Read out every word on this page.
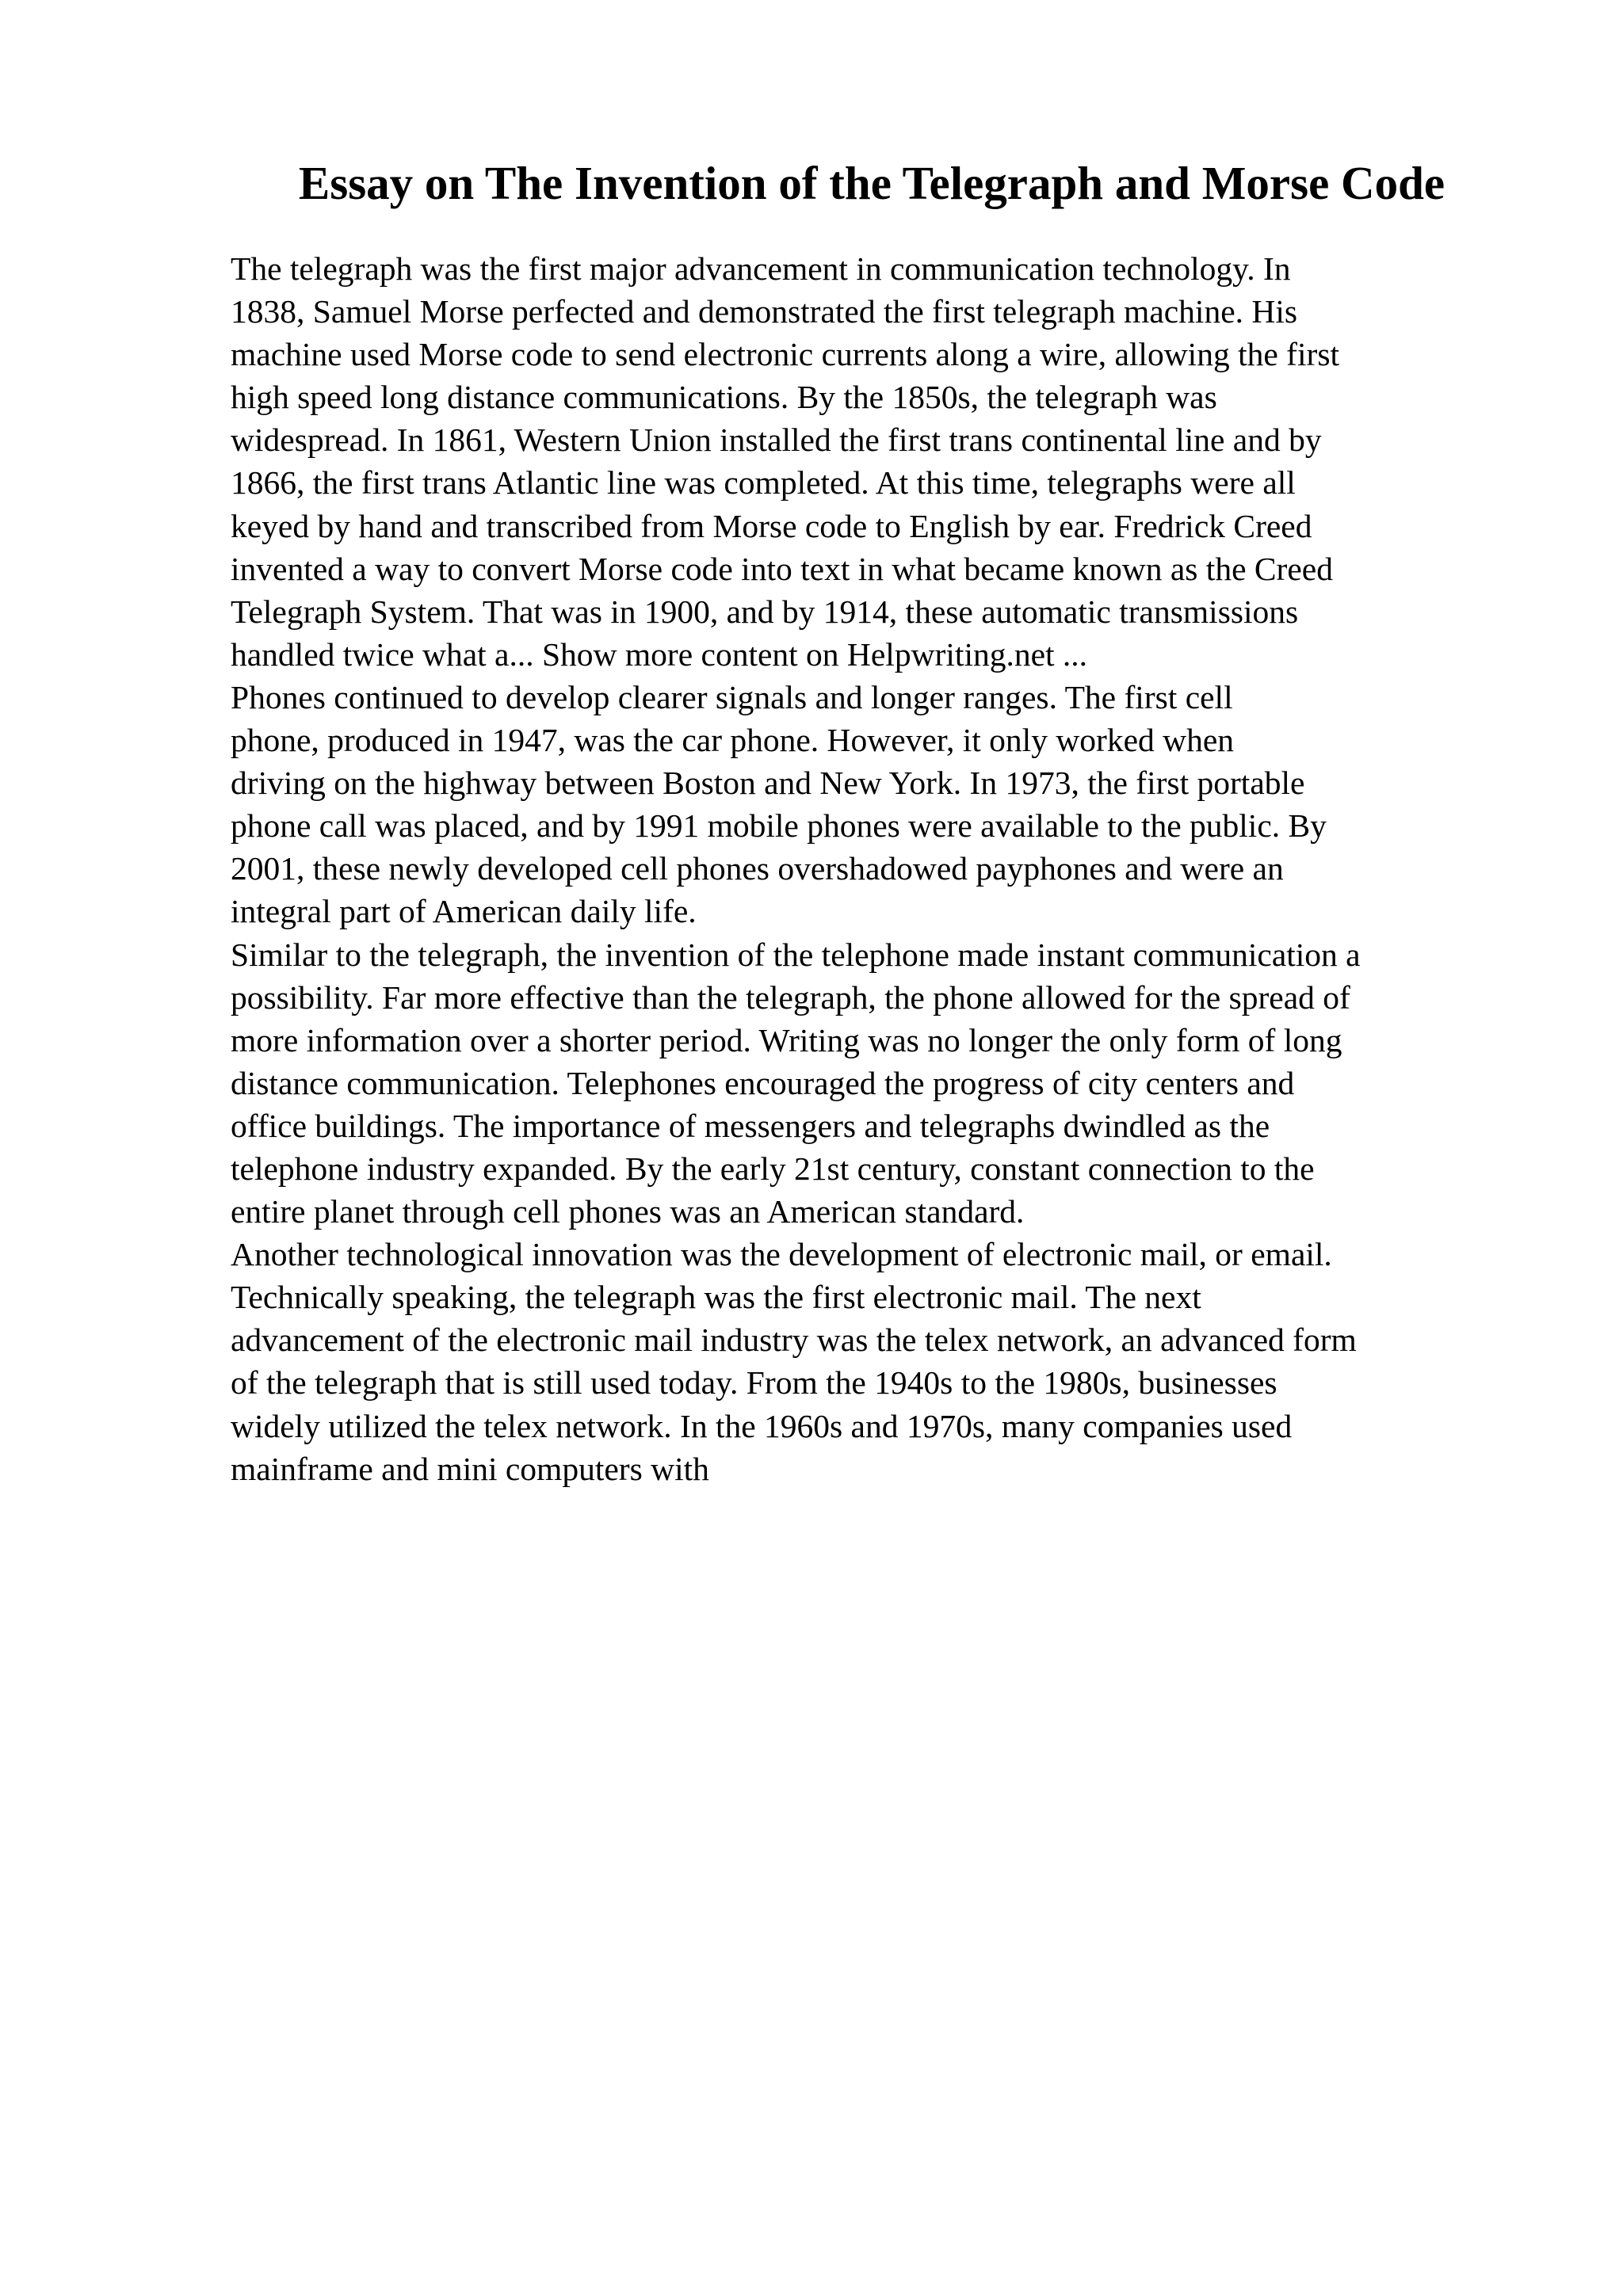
Essay on The Invention of the Telegraph and Morse Code

The telegraph was the first major advancement in communication technology. In
1838, Samuel Morse perfected and demonstrated the first telegraph machine. His
machine used Morse code to send electronic currents along a wire, allowing the first
high speed long distance communications. By the 1850s, the telegraph was
widespread. In 1861, Western Union installed the first trans continental line and by
1866, the first trans Atlantic line was completed. At this time, telegraphs were all
keyed by hand and transcribed from Morse code to English by ear. Fredrick Creed
invented a way to convert Morse code into text in what became known as the Creed
Telegraph System. That was in 1900, and by 1914, these automatic transmissions
handled twice what a... Show more content on Helpwriting.net ...

Phones continued to develop clearer signals and longer ranges. The first cell
phone, produced in 1947, was the car phone. However, it only worked when
driving on the highway between Boston and New York. In 1973, the first portable
phone call was placed, and by 1991 mobile phones were available to the public. By
2001, these newly developed cell phones overshadowed payphones and were an
integral part of American daily life.

Similar to the telegraph, the invention of the telephone made instant communication a
possibility. Far more effective than the telegraph, the phone allowed for the spread of
more information over a shorter period. Writing was no longer the only form of long
distance communication. Telephones encouraged the progress of city centers and
office buildings. The importance of messengers and telegraphs dwindled as the
telephone industry expanded. By the early 21st century, constant connection to the
entire planet through cell phones was an American standard.

Another technological innovation was the development of electronic mail, or email.
Technically speaking, the telegraph was the first electronic mail. The next
advancement of the electronic mail industry was the telex network, an advanced form
of the telegraph that is still used today. From the 1940s to the 1980s, businesses
widely utilized the telex network. In the 1960s and 1970s, many companies used
mainframe and mini computers with
